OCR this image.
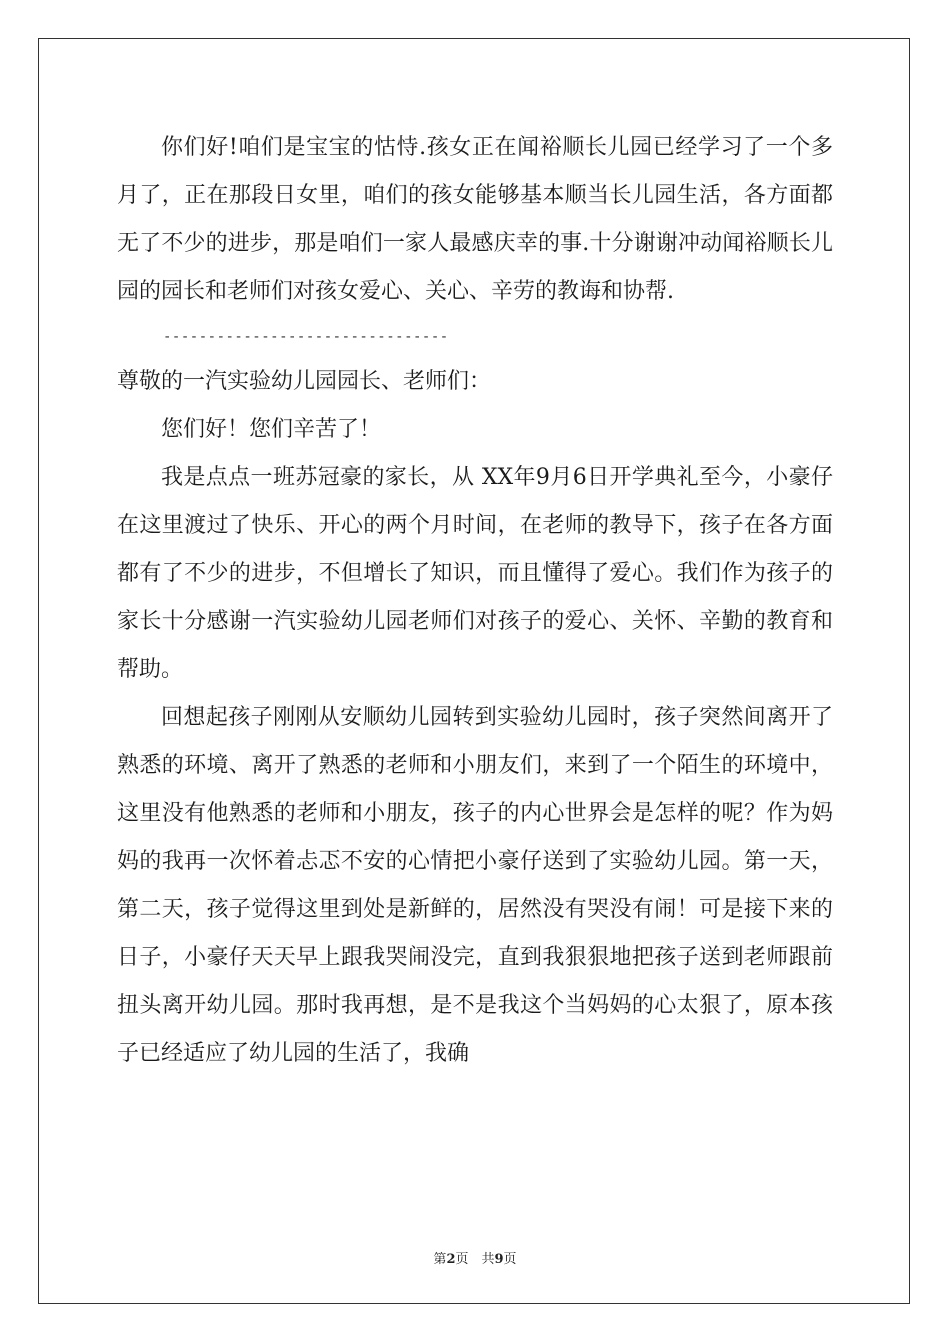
你们好!咱们是宝宝的怙恃.孩女正在闻裕顺长儿园已经学习了一个多月了，正在那段日女里，咱们的孩女能够基本顺当长儿园生活，各方面都无了不少的进步，那是咱们一家人最感庆幸的事.十分谢谢冲动闻裕顺长儿园的园长和老师们对孩女爱心、关心、辛劳的教诲和协帮.

--------------------------------

尊敬的一汽实验幼儿园园长、老师们：

您们好！您们辛苦了！

我是点点一班苏冠豪的家长，从 XX年9月6日开学典礼至今，小豪仔在这里渡过了快乐、开心的两个月时间，在老师的教导下，孩子在各方面都有了不少的进步，不但增长了知识，而且懂得了爱心。我们作为孩子的家长十分感谢一汽实验幼儿园老师们对孩子的爱心、关怀、辛勤的教育和帮助。

回想起孩子刚刚从安顺幼儿园转到实验幼儿园时，孩子突然间离开了熟悉的环境、离开了熟悉的老师和小朋友们，来到了一个陌生的环境中，这里没有他熟悉的老师和小朋友，孩子的内心世界会是怎样的呢？作为妈妈的我再一次怀着忐忑不安的心情把小豪仔送到了实验幼儿园。第一天，第二天，孩子觉得这里到处是新鲜的，居然没有哭没有闹！可是接下来的日子，小豪仔天天早上跟我哭闹没完，直到我狠狠地把孩子送到老师跟前扭头离开幼儿园。那时我再想，是不是我这个当妈妈的心太狠了，原本孩子已经适应了幼儿园的生活了，我确

第2页　共9页
